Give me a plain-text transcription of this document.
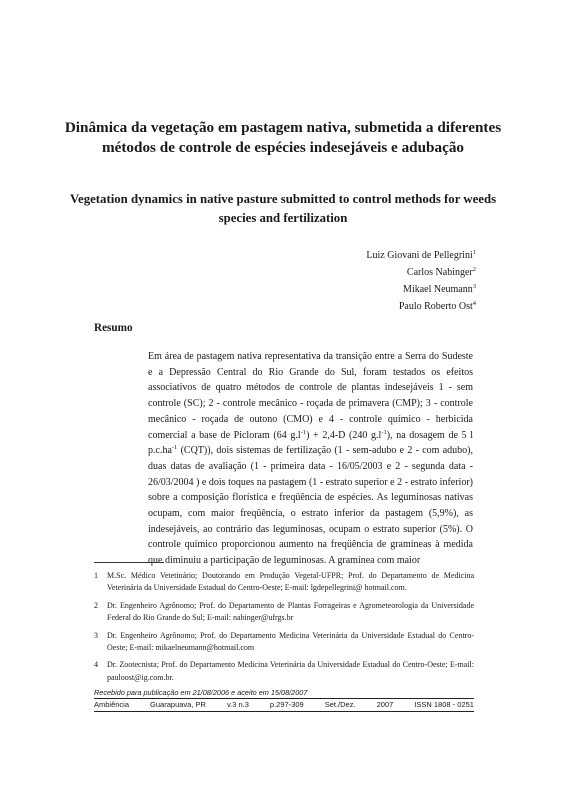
Dinâmica da vegetação em pastagem nativa, submetida a diferentes métodos de controle de espécies indesejáveis e adubação
Vegetation dynamics in native pasture submitted to control methods for weeds species and fertilization
Luiz Giovani de Pellegrini$^1$
Carlos Nabinger$^2$
Mikael Neumann$^3$
Paulo Roberto Ost$^4$
Resumo
Em área de pastagem nativa representativa da transição entre a Serra do Sudeste e a Depressão Central do Rio Grande do Sul, foram testados os efeitos associativos de quatro métodos de controle de plantas indesejáveis 1 - sem controle (SC); 2 - controle mecânico - roçada de primavera (CMP); 3 - controle mecânico - roçada de outono (CMO) e 4 - controle químico - herbicida comercial a base de Picloram (64 $g.l^{-1}) + 2,4-D$ (240 $g.l^{-1}$), na dosagem de 5 l $p.c.ha^{-1}$ (CQT)), dois sistemas de fertilização (1 - sem-adubo e 2 - com adubo), duas datas de avaliação (1 - primeira data - 16/05/2003 e 2 - segunda data - 26/03/2004 ) e dois toques na pastagem (1 - estrato superior e 2 - estrato inferior) sobre a composição florística e freqüência de espécies. As leguminosas nativas ocupam, com maior freqüência, o estrato inferior da pastagem (5,9%), as indesejáveis, ao contrário das leguminosas, ocupam o estrato superior (5%). O controle químico proporcionou aumento na freqüência de gramíneas à medida que diminuiu a participação de leguminosas. A gramínea com maior
1 M.Sc. Médico Vetetinário; Doutorando em Produção Vegetal-UFPR; Prof. do Departamento de Medicina Veterinária da Universidade Estadual do Centro-Oeste; E-mail: lgdepellegrini@ hotmail.com.
2 Dr. Engenheiro Agrônomo; Prof. do Departamento de Plantas Forrageiras e Agrometeorologia da Universidade Federal do Rio Grande do Sul; E-mail: nabinger@ufrgs.br
3 Dr. Engenheiro Agrônomo; Prof. do Departamento Medicina Veterinária da Universidade Estadual do Centro-Oeste; E-mail: mikaelneumann@hotmail.com
4 Dr. Zootecnista; Prof. do Departamento Medicina Veterinária da Universidade Estadual do Centro-Oeste; E-mail: pauloost@ig.com.br.
Recebido para publicação em 21/08/2006 e aceito em 15/08/2007
Ambiência	Guarapuava, PR	v.3 n.3	p.297-309	Set./Dez.	2007	ISSN 1808 - 0251
